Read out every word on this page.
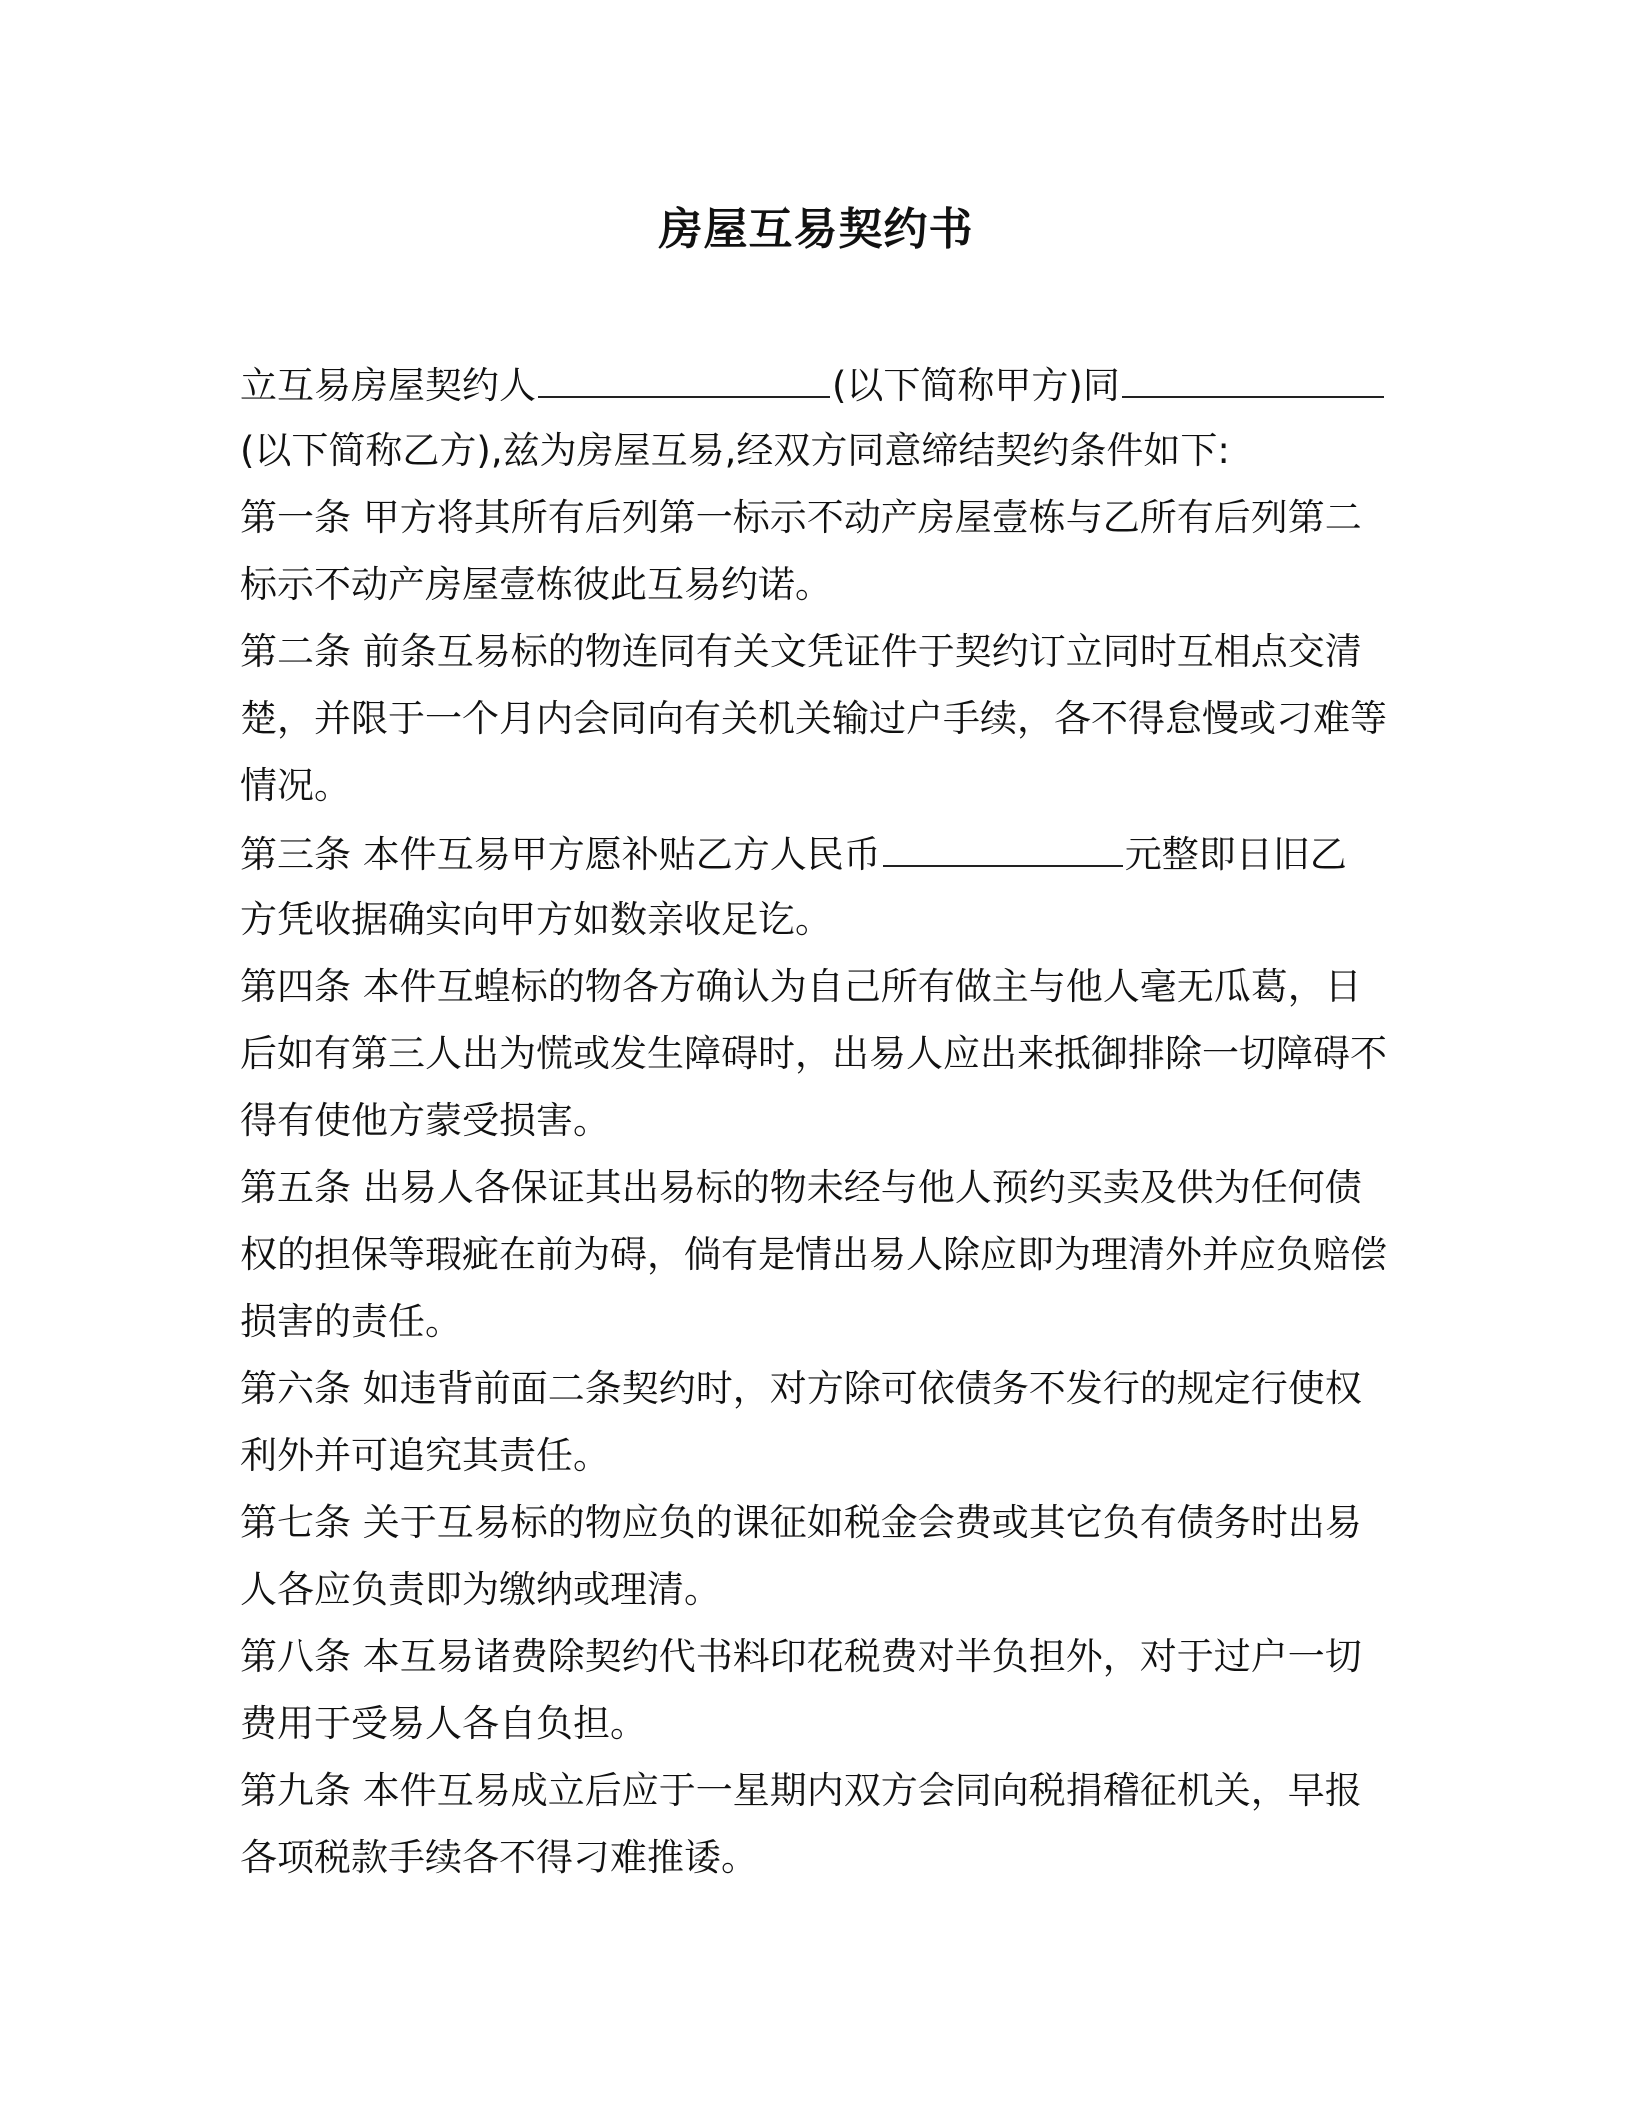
房屋互易契约书
立互易房屋契约人	(以下简称甲方)同
(以下简称乙方),兹为房屋互易,经双方同意缔结契约条件如下:
第一条 甲方将其所有后列第一标示不动产房屋壹栋与乙所有后列第二
标示不动产房屋壹栋彼此互易约诺。
第二条 前条互易标的物连同有关文凭证件于契约订立同时互相点交清
楚，并限于一个月内会同向有关机关输过户手续，各不得怠慢或刁难等
情况。
第三条 本件互易甲方愿补贴乙方人民币	元整即日旧乙
方凭收据确实向甲方如数亲收足讫。
第四条 本件互蝗标的物各方确认为自己所有做主与他人毫无瓜葛，日
后如有第三人出为慌或发生障碍时，出易人应出来抵御排除一切障碍不
得有使他方蒙受损害。
第五条 出易人各保证其出易标的物未经与他人预约买卖及供为任何债
权的担保等瑕疵在前为碍，倘有是情出易人除应即为理清外并应负赔偿
损害的责任。
第六条 如违背前面二条契约时，对方除可依债务不发行的规定行使权
利外并可追究其责任。
第七条 关于互易标的物应负的课征如税金会费或其它负有债务时出易
人各应负责即为缴纳或理清。
第八条 本互易诸费除契约代书料印花税费对半负担外，对于过户一切
费用于受易人各自负担。
第九条 本件互易成立后应于一星期内双方会同向税捐稽征机关，早报
各项税款手续各不得刁难推诿。
